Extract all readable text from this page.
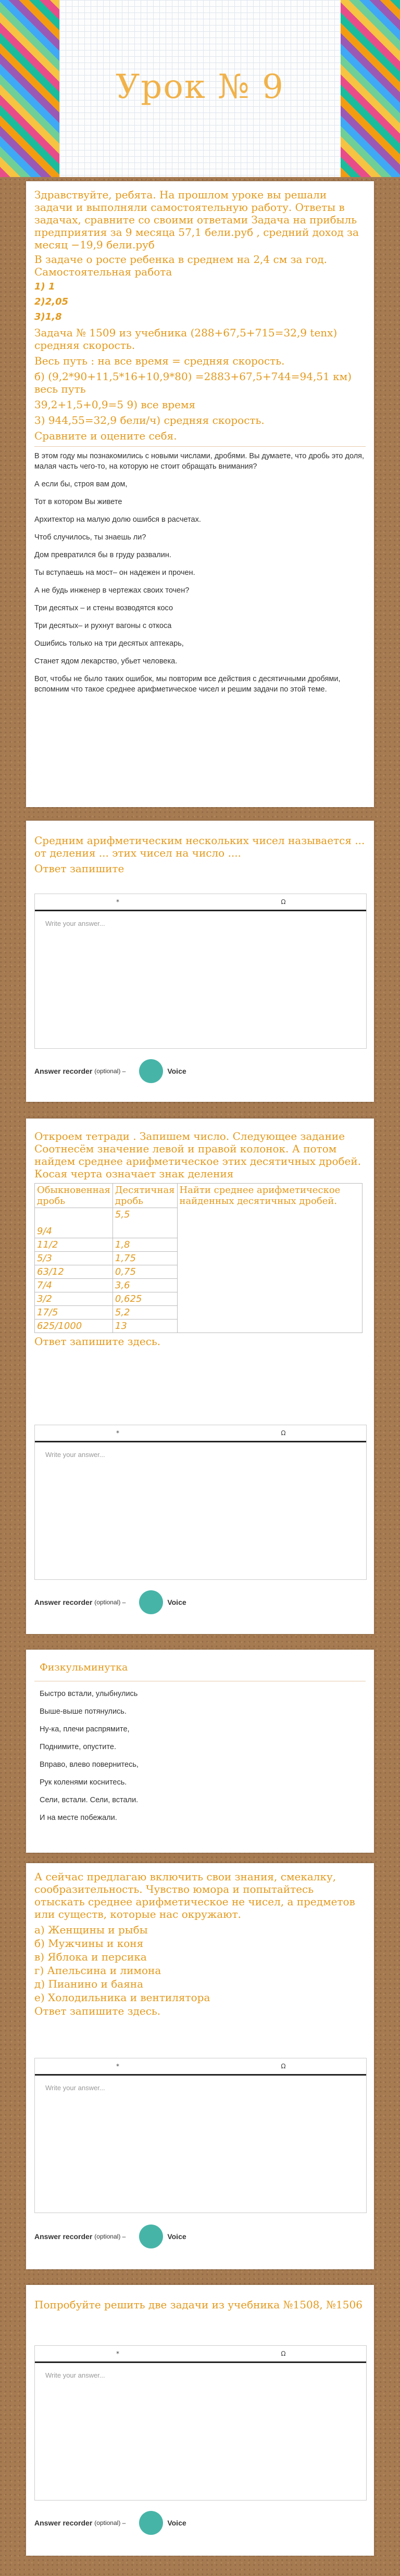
Урок № 9

Здравствуйте, ребята. На прошлом уроке вы решали задачи и выполняли самостоятельную работу. Ответы в задачах, сравните со своими ответами Задача на прибыль предприятия за 9 месяца 57,1 бели.руб , средний доход за месяц −19,9 бели.руб

В задаче о росте ребенка в среднем на 2,4 см за год. Самостоятельная работа

1) 1

2)2,05

3)1,8

Задача № 1509 из учебника (288+67,5+715=32,9 tenx) средняя скорость.

Весь путь : на все время = средняя скорость.

б) (9,2*90+11,5*16+10,9*80) =2883+67,5+744=94,51 км) весь путь

39,2+1,5+0,9=5 9) все время

3) 944,55=32,9 бели/ч) средняя скорость.

Сравните и оцените себя.

В этом году мы познакомились с новыми числами, дробями. Вы думаете, что дробь это доля, малая часть чего-то, на которую не стоит обращать внимания?

А если бы, строя вам дом,

Тот в котором Вы живете

Архитектор на малую долю ошибся в расчетах.

Чтоб случилось, ты знаешь ли?

Дом превратился бы в груду развалин.

Ты вступаешь на мост– он надежен и прочен.

А не будь инженер в чертежах своих точен?

Три десятых – и стены возводятся косо

Три десятых– и рухнут вагоны с откоса

Ошибись только на три десятых аптекарь,

Станет ядом лекарство, убьет человека.

Вот, чтобы не было таких ошибок, мы повторим все действия с десятичными дробями, вспомним что такое среднее арифметическое чисел и решим задачи по этой теме.

Средним арифметическим нескольких чисел называется ... от деления ... этих чисел на число ....

Ответ запишите

*	Ω
Write your answer...
Answer recorder (optional) –	Voice

Откроем тетради . Запишем число. Следующее задание Соотнесём значение левой и правой колонок. А потом найдем среднее арифметическое этих десятичных дробей. Косая черта означает знак деления

Обыкновенная дробь	Десятичная дробь	Найти среднее арифметическое найденных десятичных дробей.
9/4	5,5	
11/2	1,8	
5/3	1,75	
63/12	0,75	
7/4	3,6	
3/2	0,625	
17/5	5,2	
625/1000	13	

Ответ запишите здесь.

*	Ω
Write your answer...
Answer recorder (optional) –	Voice

Физкульминутка

Быстро встали, улыбнулись

Выше-выше потянулись.

Ну-ка, плечи распрямите,

Поднимите, опустите.

Вправо, влево повернитесь,

Рук коленями коснитесь.

Сели, встали. Сели, встали.

И на месте побежали.

А сейчас предлагаю включить свои знания, смекалку, сообразительность. Чувство юмора и попытайтесь отыскать среднее арифметическое не чисел, а предметов или существ, которые нас окружают.

а) Женщины и рыбы

б) Мужчины и коня

в) Яблока и персика

г) Апельсина и лимона

д) Пианино и баяна

е) Холодильника и вентилятора

Ответ запишите здесь.

*	Ω
Write your answer...
Answer recorder (optional) –	Voice

Попробуйте решить две задачи из учебника №1508, №1506

*	Ω
Write your answer...
Answer recorder (optional) –	Voice
